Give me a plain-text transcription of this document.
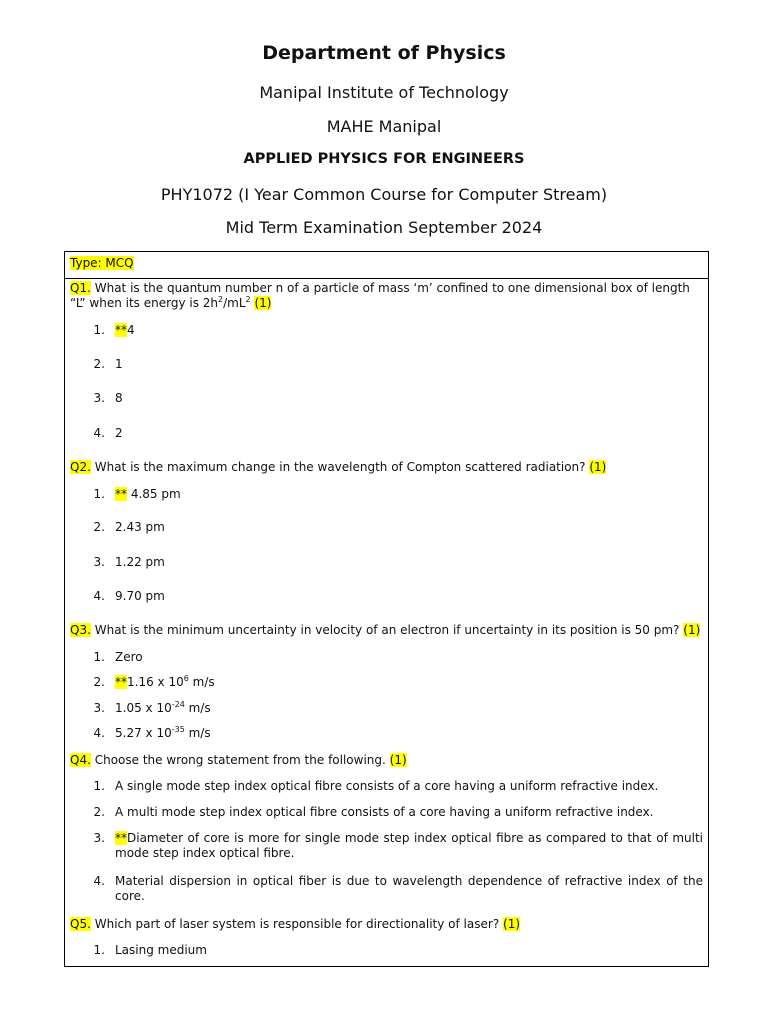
Department of Physics

Manipal Institute of Technology

MAHE Manipal

APPLIED PHYSICS FOR ENGINEERS

PHY1072 (I Year Common Course for Computer Stream)

Mid Term Examination September 2024

Type: MCQ

Q1. What is the quantum number n of a particle of mass ‘m’ confined to one dimensional box of length “L” when its energy is $2h^2/mL^2$ (1)

1. **4

2. 1

3. 8

4. 2

Q2. What is the maximum change in the wavelength of Compton scattered radiation? (1)

1. ** 4.85 pm

2. 2.43 pm

3. 1.22 pm

4. 9.70 pm

Q3. What is the minimum uncertainty in velocity of an electron if uncertainty in its position is 50 pm? (1)

1. Zero

2. **1.16 x $10^6$ m/s

3. 1.05 x $10^{-24}$ m/s

4. 5.27 x $10^{-35}$ m/s

Q4. Choose the wrong statement from the following. (1)

1. A single mode step index optical fibre consists of a core having a uniform refractive index.

2. A multi mode step index optical fibre consists of a core having a uniform refractive index.

3. **Diameter of core is more for single mode step index optical fibre as compared to that of multi mode step index optical fibre.

4. Material dispersion in optical fiber is due to wavelength dependence of refractive index of the core.

Q5. Which part of laser system is responsible for directionality of laser? (1)

1. Lasing medium
